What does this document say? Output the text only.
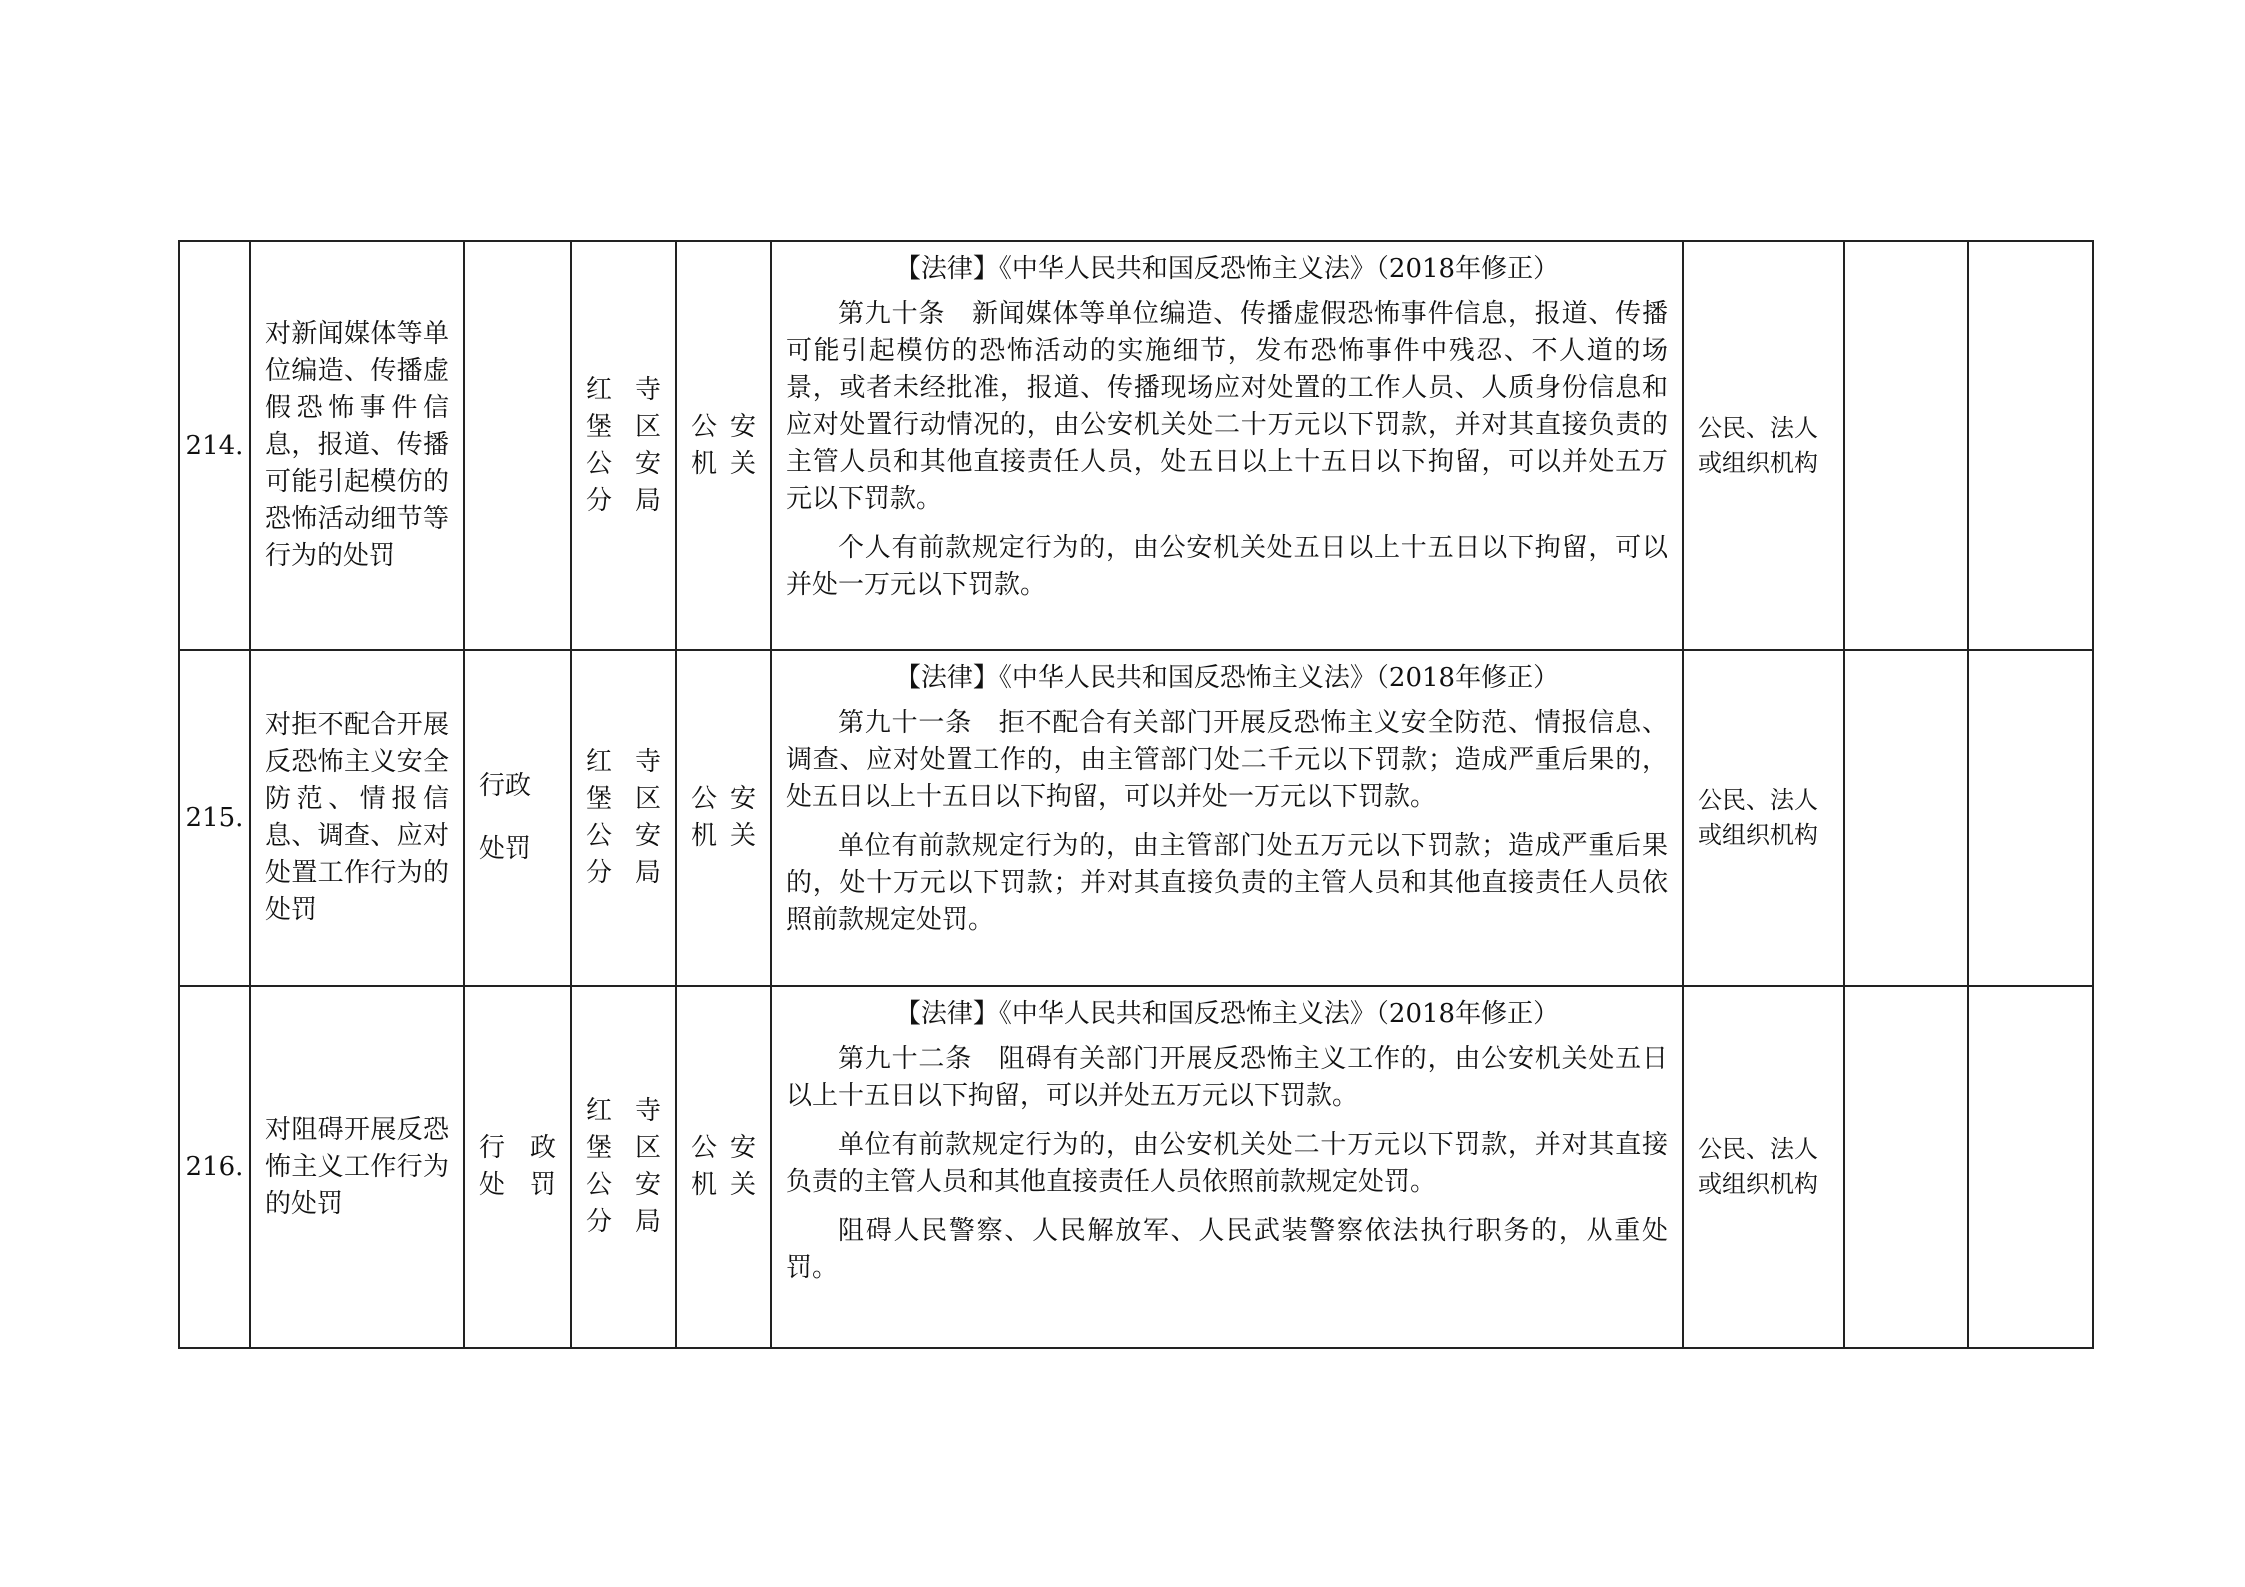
214.	对新闻媒体等单位编造、传播虚假恐怖事件信息，报道、传播可能引起模仿的恐怖活动细节等行为的处罚		红寺堡区公安分局	公安机关	【法律】《中华人民共和国反恐怖主义法》（2018年修正）

第九十条　新闻媒体等单位编造、传播虚假恐怖事件信息，报道、传播可能引起模仿的恐怖活动的实施细节，发布恐怖事件中残忍、不人道的场景，或者未经批准，报道、传播现场应对处置的工作人员、人质身份信息和应对处置行动情况的，由公安机关处二十万元以下罚款，并对其直接负责的主管人员和其他直接责任人员，处五日以上十五日以下拘留，可以并处五万元以下罚款。

个人有前款规定行为的，由公安机关处五日以上十五日以下拘留，可以并处一万元以下罚款。	公民、法人或组织机构		
215.	对拒不配合开展反恐怖主义安全防范、情报信息、调查、应对处置工作行为的处罚	行政处罚	红寺堡区公安分局	公安机关	【法律】《中华人民共和国反恐怖主义法》（2018年修正）

第九十一条　拒不配合有关部门开展反恐怖主义安全防范、情报信息、调查、应对处置工作的，由主管部门处二千元以下罚款；造成严重后果的，处五日以上十五日以下拘留，可以并处一万元以下罚款。

单位有前款规定行为的，由主管部门处五万元以下罚款；造成严重后果的，处十万元以下罚款；并对其直接负责的主管人员和其他直接责任人员依照前款规定处罚。	公民、法人或组织机构		
216.	对阻碍开展反恐怖主义工作行为的处罚	行政处罚	红寺堡区公安分局	公安机关	【法律】《中华人民共和国反恐怖主义法》（2018年修正）

第九十二条　阻碍有关部门开展反恐怖主义工作的，由公安机关处五日以上十五日以下拘留，可以并处五万元以下罚款。

单位有前款规定行为的，由公安机关处二十万元以下罚款，并对其直接负责的主管人员和其他直接责任人员依照前款规定处罚。

阻碍人民警察、人民解放军、人民武装警察依法执行职务的，从重处罚。	公民、法人或组织机构		
